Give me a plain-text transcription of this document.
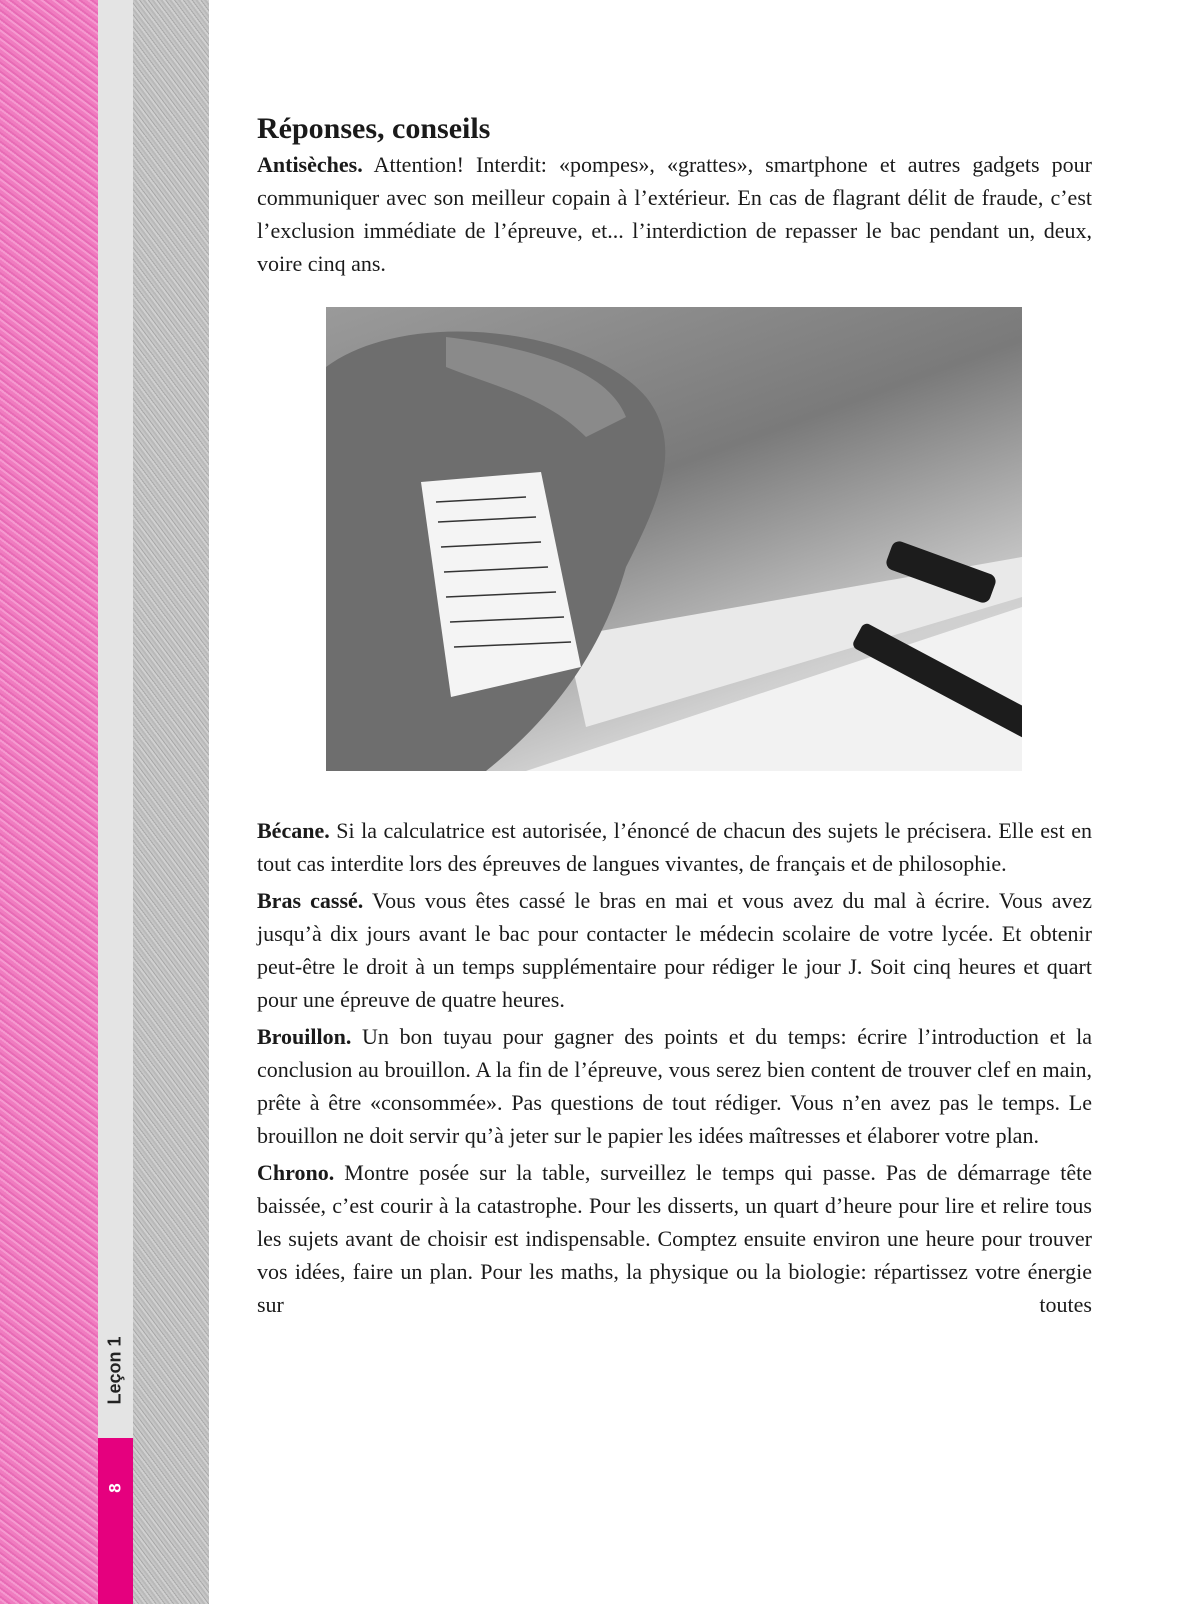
Leçon 1
8
Réponses, conseils

Antisèches. Attention! Interdit: «pompes», «grattes», smartphone et autres gadgets pour communiquer avec son meilleur copain à l’extérieur. En cas de flagrant délit de fraude, c’est l’exclusion immédiate de l’épreuve, et... l’interdiction de repasser le bac pendant un, deux, voire cinq ans.

Bécane. Si la calculatrice est autorisée, l’énoncé de chacun des sujets le précisera. Elle est en tout cas interdite lors des épreuves de langues vivantes, de français et de philosophie.

Bras cassé. Vous vous êtes cassé le bras en mai et vous avez du mal à écrire. Vous avez jusqu’à dix jours avant le bac pour contacter le médecin scolaire de votre lycée. Et obtenir peut-être le droit à un temps supplémentaire pour rédiger le jour J. Soit cinq heures et quart pour une épreuve de quatre heures.

Brouillon. Un bon tuyau pour gagner des points et du temps: écrire l’introduction et la conclusion au brouillon. A la fin de l’épreuve, vous serez bien content de trouver clef en main, prête à être «consommée». Pas questions de tout rédiger. Vous n’en avez pas le temps. Le brouillon ne doit servir qu’à jeter sur le papier les idées maîtresses et élaborer votre plan.

Chrono. Montre posée sur la table, surveillez le temps qui passe. Pas de démarrage tête baissée, c’est courir à la catastrophe. Pour les disserts, un quart d’heure pour lire et relire tous les sujets avant de choisir est indispensable. Comptez ensuite environ une heure pour trouver vos idées, faire un plan. Pour les maths, la physique ou la biologie: répartissez votre énergie sur toutes
